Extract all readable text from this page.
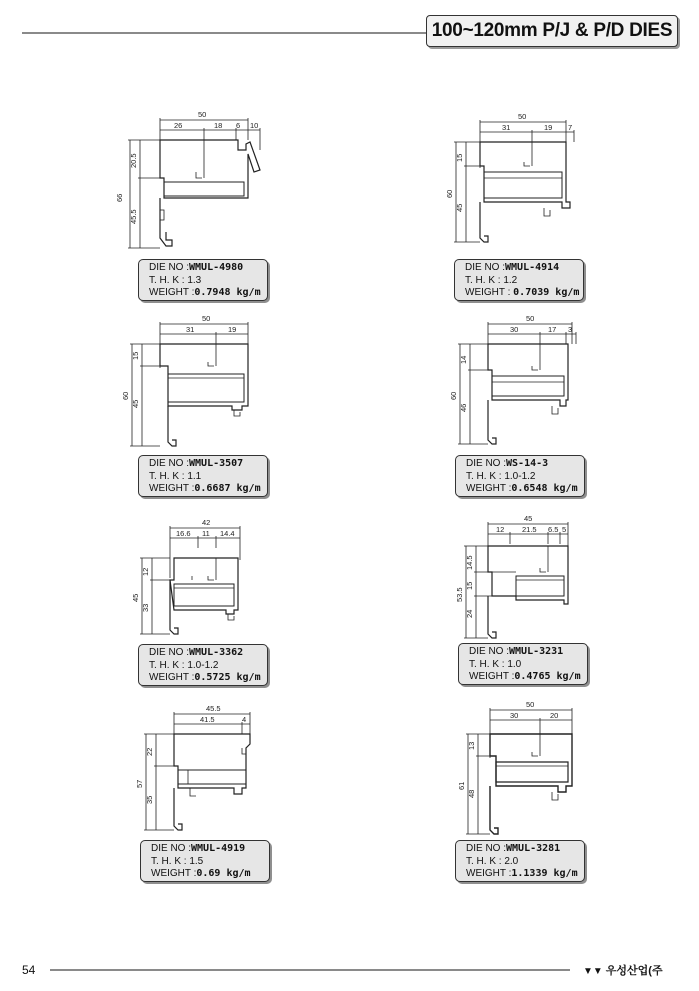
100~120mm P/J & P/D DIES
50
26	18 6 10
20.5
66
45.5
DIE NO :WMUL-4980
T. H. K : 1.3
WEIGHT :0.7948 kg/m
50
31	19 7
15
60
45
DIE NO :WMUL-4914
T. H. K : 1.2
WEIGHT : 0.7039 kg/m
50
31	19
15
60
45
DIE NO :WMUL-3507
T. H. K : 1.1
WEIGHT :0.6687 kg/m
50
30	17 3
14
60
46
DIE NO :WS-14-3
T. H. K : 1.0-1.2
WEIGHT :0.6548 kg/m
42
16.6 11 14.4
12
45
33
DIE NO :WMUL-3362
T. H. K : 1.0-1.2
WEIGHT :0.5725 kg/m
45
12 21.5 6.5 5
14.5
53.5
15
24
DIE NO :WMUL-3231
T. H. K : 1.0
WEIGHT :0.4765 kg/m
45.5
41.5	4
22
57
35
DIE NO :WMUL-4919
T. H. K : 1.5
WEIGHT :0.69 kg/m
50
30	20
13
61
48
DIE NO :WMUL-3281
T. H. K : 2.0
WEIGHT :1.1339 kg/m
54	▼▼ 우성산업(주
